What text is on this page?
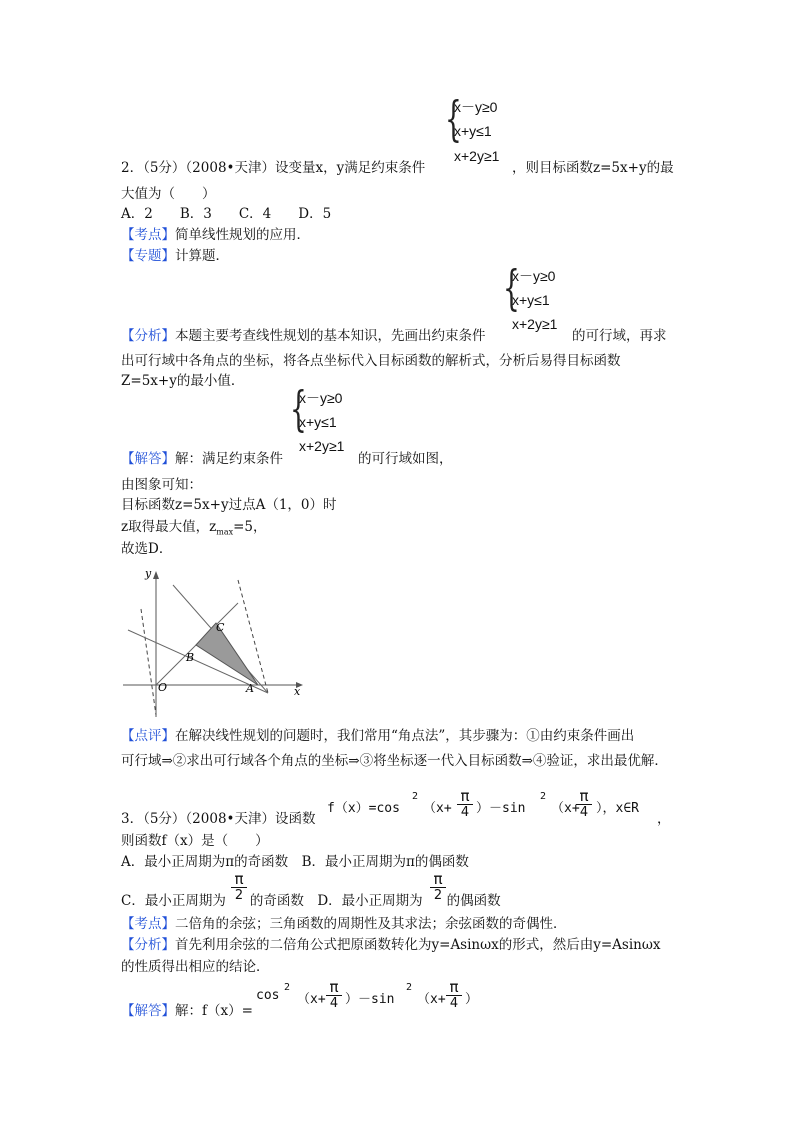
{
x－y≥0
x+y≤1
x+2y≥1
2．（5分）（2008•天津）设变量x，y满足约束条件	，则目标函数z=5x+y的最
大值为（　　）
A．2　　B．3　　C．4　　D．5
【考点】简单线性规划的应用．
【专题】计算题．
{
x－y≥0
x+y≤1
x+2y≥1
【分析】本题主要考查线性规划的基本知识，先画出约束条件	的可行域，再求
出可行域中各角点的坐标，将各点坐标代入目标函数的解析式，分析后易得目标函数
Z=5x+y的最小值． {
x－y≥0
x+y≤1
x+2y≥1
【解答】解：满足约束条件	的可行域如图，
由图象可知：
目标函数z=5x+y过点A（1，0）时
z取得最大值，$z_{max}=5$，
故选D．
y
x
O	A
B
C
【点评】在解决线性规划的问题时，我们常用“角点法”，其步骤为：①由约束条件画出
可行域⇒②求出可行域各个角点的坐标⇒③将坐标逐一代入目标函数⇒④验证，求出最优解．
f（x）=cos
2
（x+
π
4 ）－sin
2
（x+
π
4 ），x∈R
3．（5分）（2008•天津）设函数	，
则函数f（x）是（　　）
A．最小正周期为π的奇函数　B．最小正周期为π的偶函数
C．最小正周期为 的奇函数　D．最小正周期为 的偶函数
π
2
π
2
【考点】二倍角的余弦；三角函数的周期性及其求法；余弦函数的奇偶性．
【分析】首先利用余弦的二倍角公式把原函数转化为y=Asinωx的形式，然后由y=Asinωx
的性质得出相应的结论．
【解答】解：f（x）=
cos
2
（x+
π
4 ）－sin
2
（x+
π
4 ）
